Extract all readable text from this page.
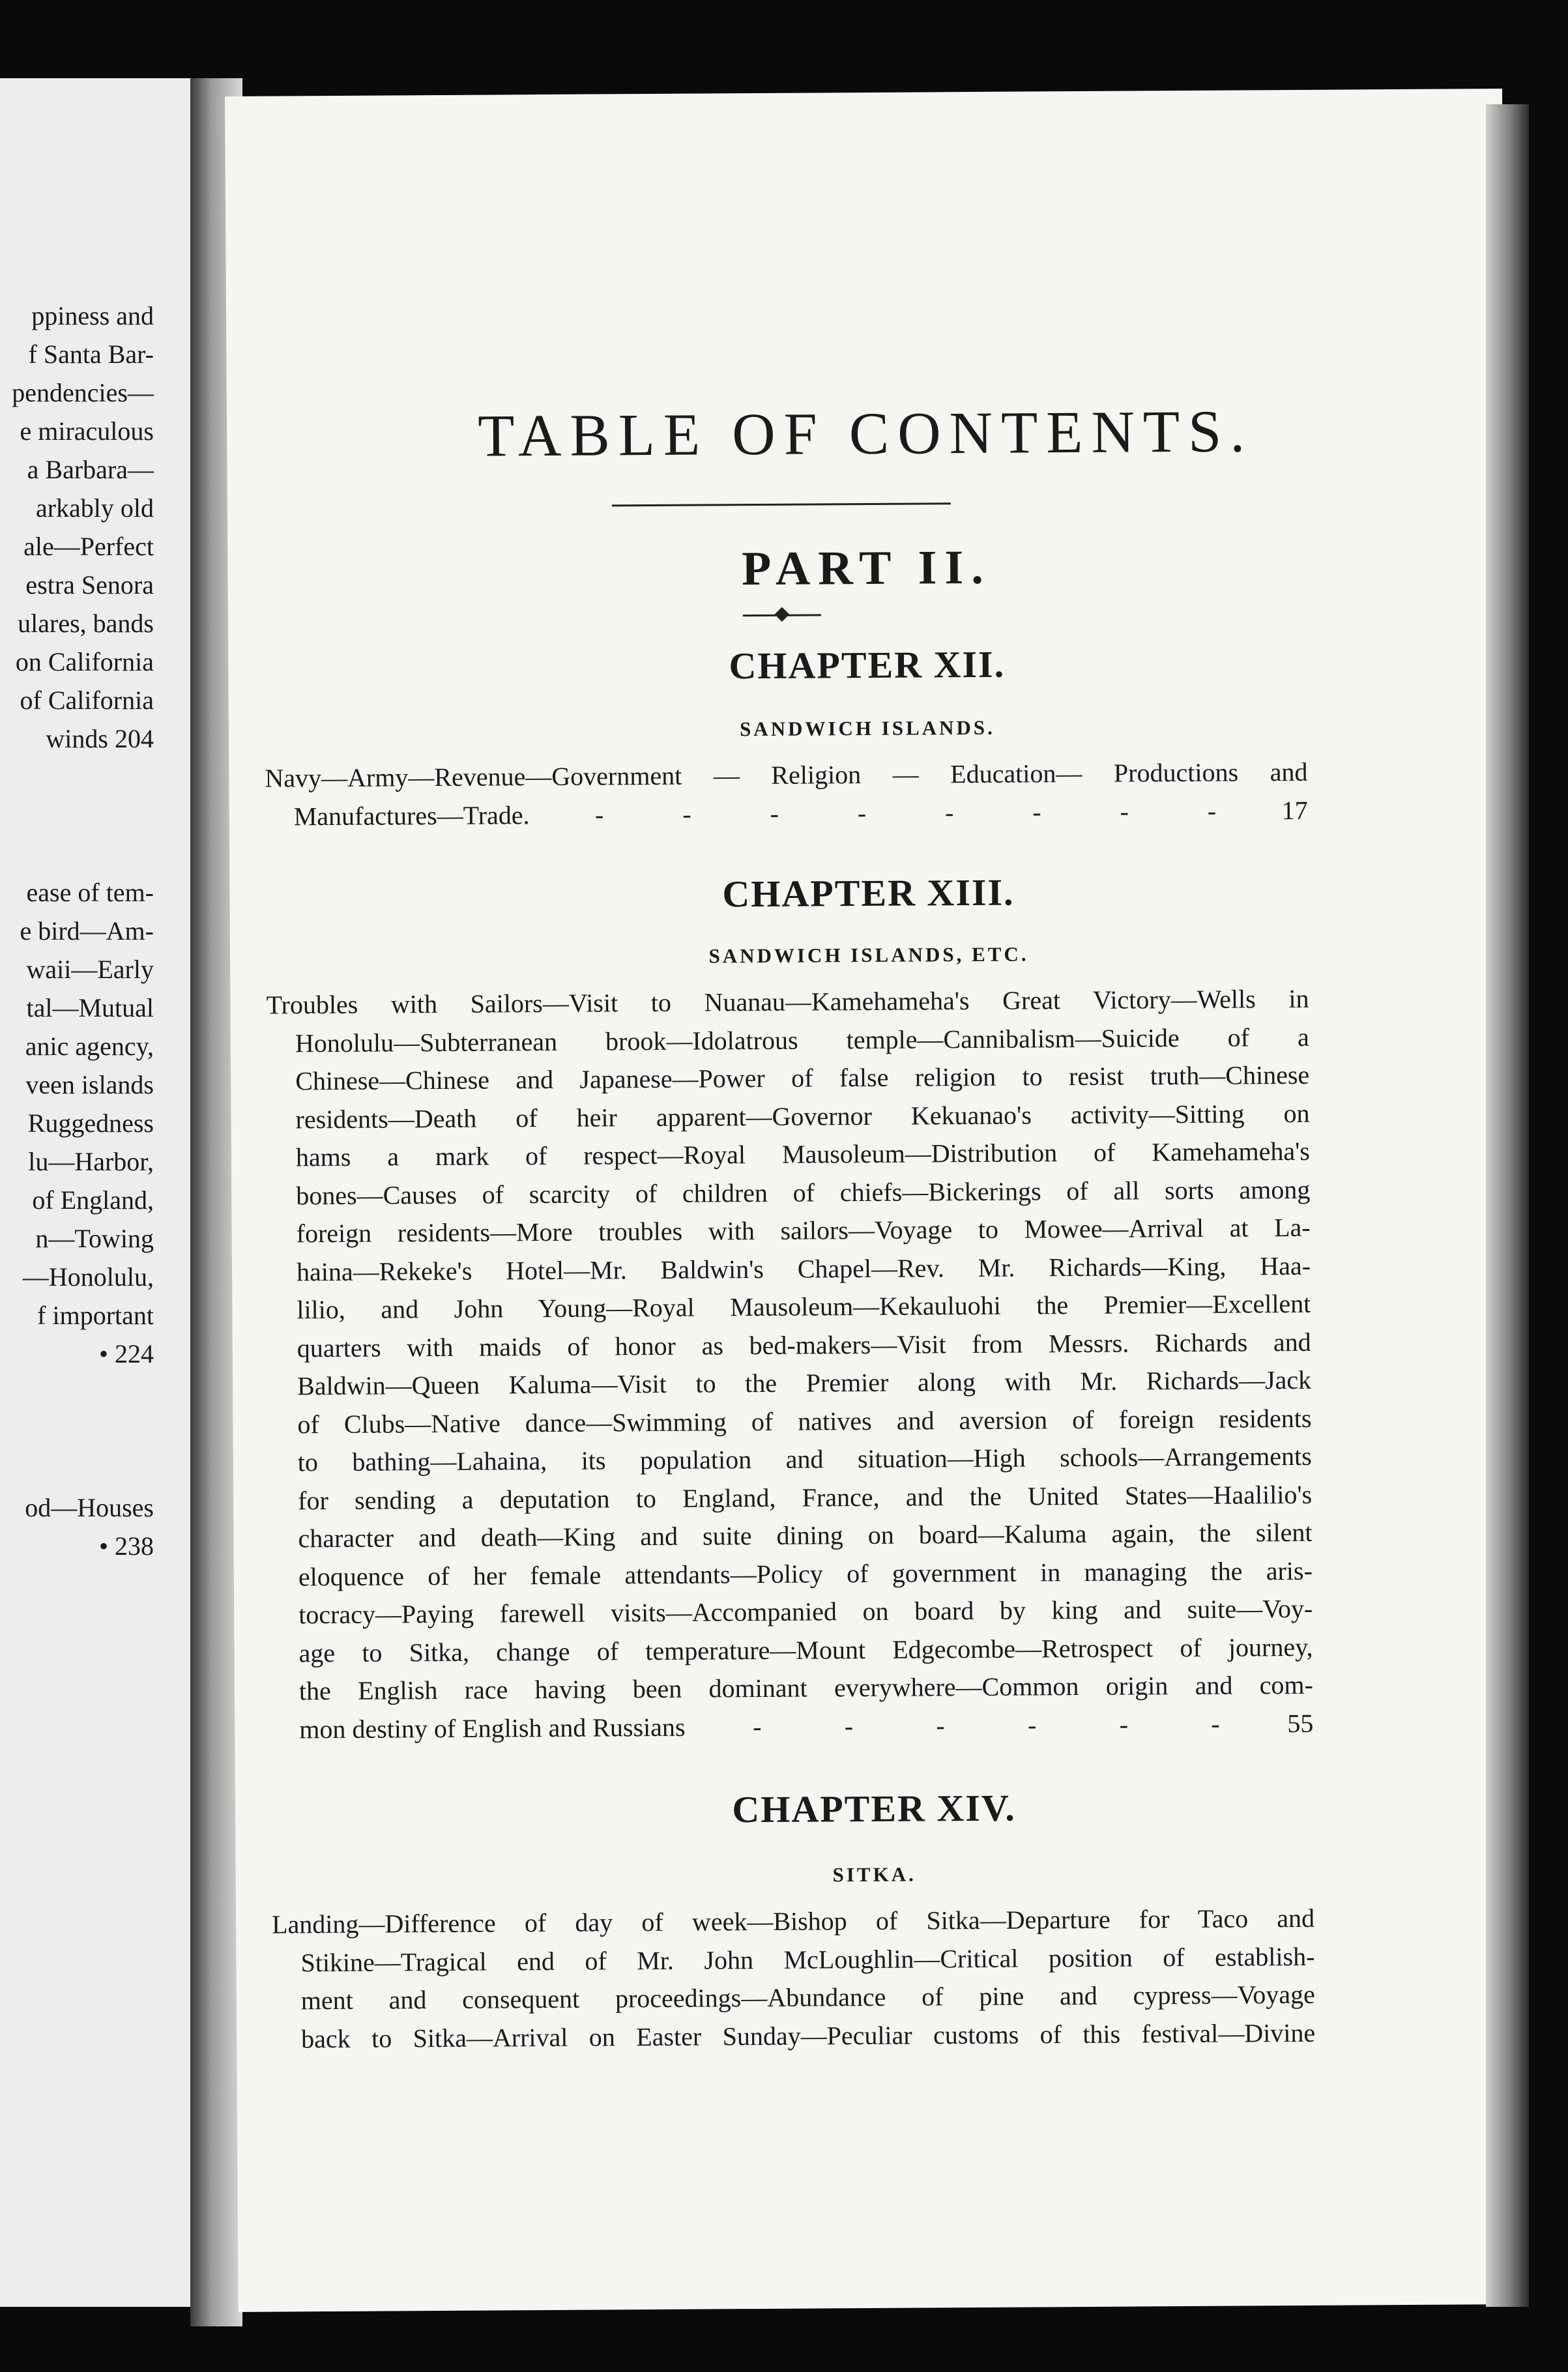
ppiness and
f Santa Bar-
pendencies—
e miraculous
a Barbara—
arkably old
ale—Perfect
estra Senora
ulares, bands
on California
of California
winds 204
ease of tem-
e bird—Am-
waii—Early
tal—Mutual
anic agency,
veen islands
Ruggedness
lu—Harbor,
of England,
n—Towing
—Honolulu,
f important
• 224
od—Houses
• 238
TABLE OF CONTENTS.
PART II.
CHAPTER XII.
SANDWICH ISLANDS.
Navy—Army—Revenue—Government — Religion — Education— Productions and
Manufactures—Trade.	-	-	-	-	-	-	-	-	17
CHAPTER XIII.
SANDWICH ISLANDS, ETC.
Troubles with Sailors—Visit to Nuanau—Kamehameha's Great Victory—Wells in
Honolulu—Subterranean brook—Idolatrous temple—Cannibalism—Suicide of a
Chinese—Chinese and Japanese—Power of false religion to resist truth—Chinese
residents—Death of heir apparent—Governor Kekuanao's activity—Sitting on
hams a mark of respect—Royal Mausoleum—Distribution of Kamehameha's
bones—Causes of scarcity of children of chiefs—Bickerings of all sorts among
foreign residents—More troubles with sailors—Voyage to Mowee—Arrival at La-
haina—Rekeke's Hotel—Mr. Baldwin's Chapel—Rev. Mr. Richards—King, Haa-
lilio, and John Young—Royal Mausoleum—Kekauluohi the Premier—Excellent
quarters with maids of honor as bed-makers—Visit from Messrs. Richards and
Baldwin—Queen Kaluma—Visit to the Premier along with Mr. Richards—Jack
of Clubs—Native dance—Swimming of natives and aversion of foreign residents
to bathing—Lahaina, its population and situation—High schools—Arrangements
for sending a deputation to England, France, and the United States—Haalilio's
character and death—King and suite dining on board—Kaluma again, the silent
eloquence of her female attendants—Policy of government in managing the aris-
tocracy—Paying farewell visits—Accompanied on board by king and suite—Voy-
age to Sitka, change of temperature—Mount Edgecombe—Retrospect of journey,
the English race having been dominant everywhere—Common origin and com-
mon destiny of English and Russians	-	-	-	-	-	-	55
CHAPTER XIV.
SITKA.
Landing—Difference of day of week—Bishop of Sitka—Departure for Taco and
Stikine—Tragical end of Mr. John McLoughlin—Critical position of establish-
ment and consequent proceedings—Abundance of pine and cypress—Voyage
back to Sitka—Arrival on Easter Sunday—Peculiar customs of this festival—Divine
